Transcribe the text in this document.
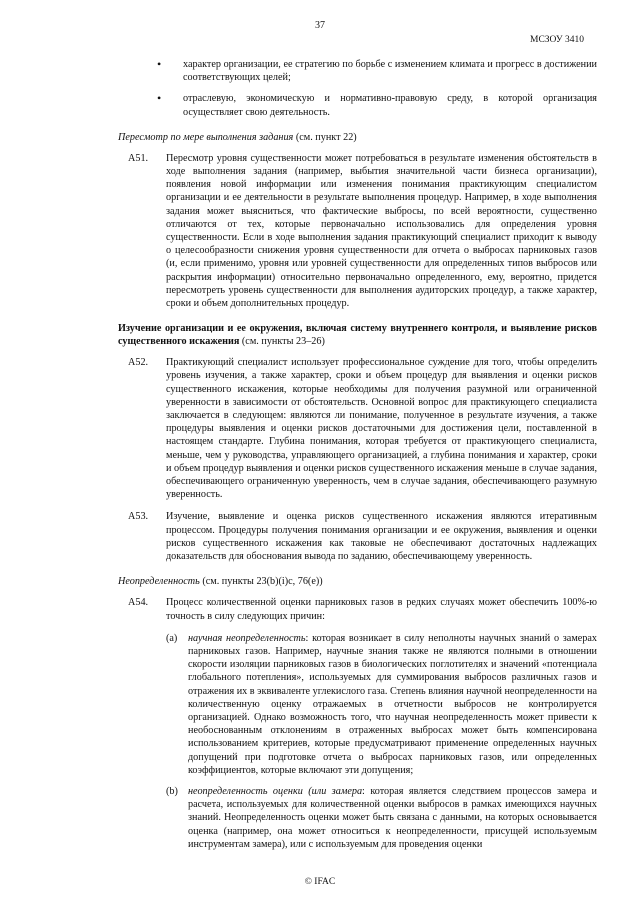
37
МСЗОУ 3410
•	характер организации, ее стратегию по борьбе с изменением климата и прогресс в достижении соответствующих целей;
•	отраслевую, экономическую и нормативно-правовую среду, в которой организация осуществляет свою деятельность.
Пересмотр по мере выполнения задания (см. пункт 22)
A51.	Пересмотр уровня существенности может потребоваться в результате изменения обстоятельств в ходе выполнения задания (например, выбытия значительной части бизнеса организации), появления новой информации или изменения понимания практикующим специалистом организации и ее деятельности в результате выполнения процедур. Например, в ходе выполнения задания может выясниться, что фактические выбросы, по всей вероятности, существенно отличаются от тех, которые первоначально использовались для определения уровня существенности. Если в ходе выполнения задания практикующий специалист приходит к выводу о целесообразности снижения уровня существенности для отчета о выбросах парниковых газов (и, если применимо, уровня или уровней существенности для определенных типов выбросов или раскрытия информации) относительно первоначально определенного, ему, вероятно, придется пересмотреть уровень существенности для выполнения аудиторских процедур, а также характер, сроки и объем дополнительных процедур.
Изучение организации и ее окружения, включая систему внутреннего контроля, и выявление рисков существенного искажения (см. пункты 23–26)
A52.	Практикующий специалист использует профессиональное суждение для того, чтобы определить уровень изучения, а также характер, сроки и объем процедур для выявления и оценки рисков существенного искажения, которые необходимы для получения разумной или ограниченной уверенности в зависимости от обстоятельств. Основной вопрос для практикующего специалиста заключается в следующем: являются ли понимание, полученное в результате изучения, а также процедуры выявления и оценки рисков достаточными для достижения цели, поставленной в настоящем стандарте. Глубина понимания, которая требуется от практикующего специалиста, меньше, чем у руководства, управляющего организацией, а глубина понимания и характер, сроки и объем процедур выявления и оценки рисков существенного искажения меньше в случае задания, обеспечивающего ограниченную уверенность, чем в случае задания, обеспечивающего разумную уверенность.
A53.	Изучение, выявление и оценка рисков существенного искажения являются итеративным процессом. Процедуры получения понимания организации и ее окружения, выявления и оценки рисков существенного искажения как таковые не обеспечивают достаточных надлежащих доказательств для обоснования вывода по заданию, обеспечивающему уверенность.
Неопределенность (см. пункты 23(b)(i)c, 76(e))
A54.	Процесс количественной оценки парниковых газов в редких случаях может обеспечить 100%-ю точность в силу следующих причин:
(a)	научная неопределенность: которая возникает в силу неполноты научных знаний о замерах парниковых газов. Например, научные знания также не являются полными в отношении скорости изоляции парниковых газов в биологических поглотителях и значений «потенциала глобального потепления», используемых для суммирования выбросов различных газов и отражения их в эквиваленте углекислого газа. Степень влияния научной неопределенности на количественную оценку отражаемых в отчетности выбросов не контролируется организацией. Однако возможность того, что научная неопределенность может привести к необоснованным отклонениям в отраженных выбросах может быть компенсирована использованием критериев, которые предусматривают применение определенных научных допущений при подготовке отчета о выбросах парниковых газов, или определенных коэффициентов, которые включают эти допущения;
(b) неопределенность оценки (или замера: которая является следствием процессов замера и расчета, используемых для количественной оценки выбросов в рамках имеющихся научных знаний. Неопределенность оценки может быть связана с данными, на которых основывается оценка (например, она может относиться к неопределенности, присущей используемым инструментам замера), или с используемым для проведения оценки
© IFAC
